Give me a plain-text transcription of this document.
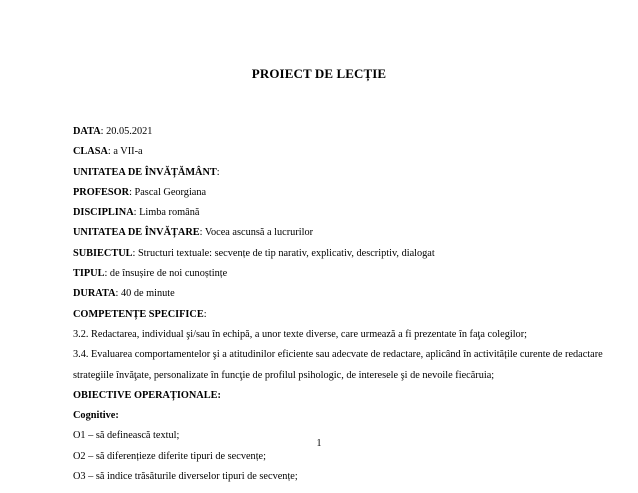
PROIECT DE LECȚIE
DATA: 20.05.2021
CLASA: a VII-a
UNITATEA DE ÎNVĂȚĂMÂNT:
PROFESOR: Pascal Georgiana
DISCIPLINA: Limba română
UNITATEA DE ÎNVĂȚARE: Vocea ascunsă a lucrurilor
SUBIECTUL: Structuri textuale: secvențe de tip narativ, explicativ, descriptiv, dialogat
TIPUL: de însușire de noi cunoștințe
DURATA: 40 de minute
COMPETENȚE SPECIFICE:
3.2. Redactarea, individual şi/sau în echipă, a unor texte diverse, care urmează a fi prezentate în faţa colegilor;
3.4. Evaluarea comportamentelor şi a atitudinilor eficiente sau adecvate de redactare, aplicând în activitățile curente de redactare
strategiile învăţate, personalizate în funcţie de profilul psihologic, de interesele şi de nevoile fiecăruia;
OBIECTIVE OPERAȚIONALE:
Cognitive:
O1 – să definească textul;
O2 – să diferențieze diferite tipuri de secvențe;
O3 – să indice trăsăturile diverselor tipuri de secvențe;
1
